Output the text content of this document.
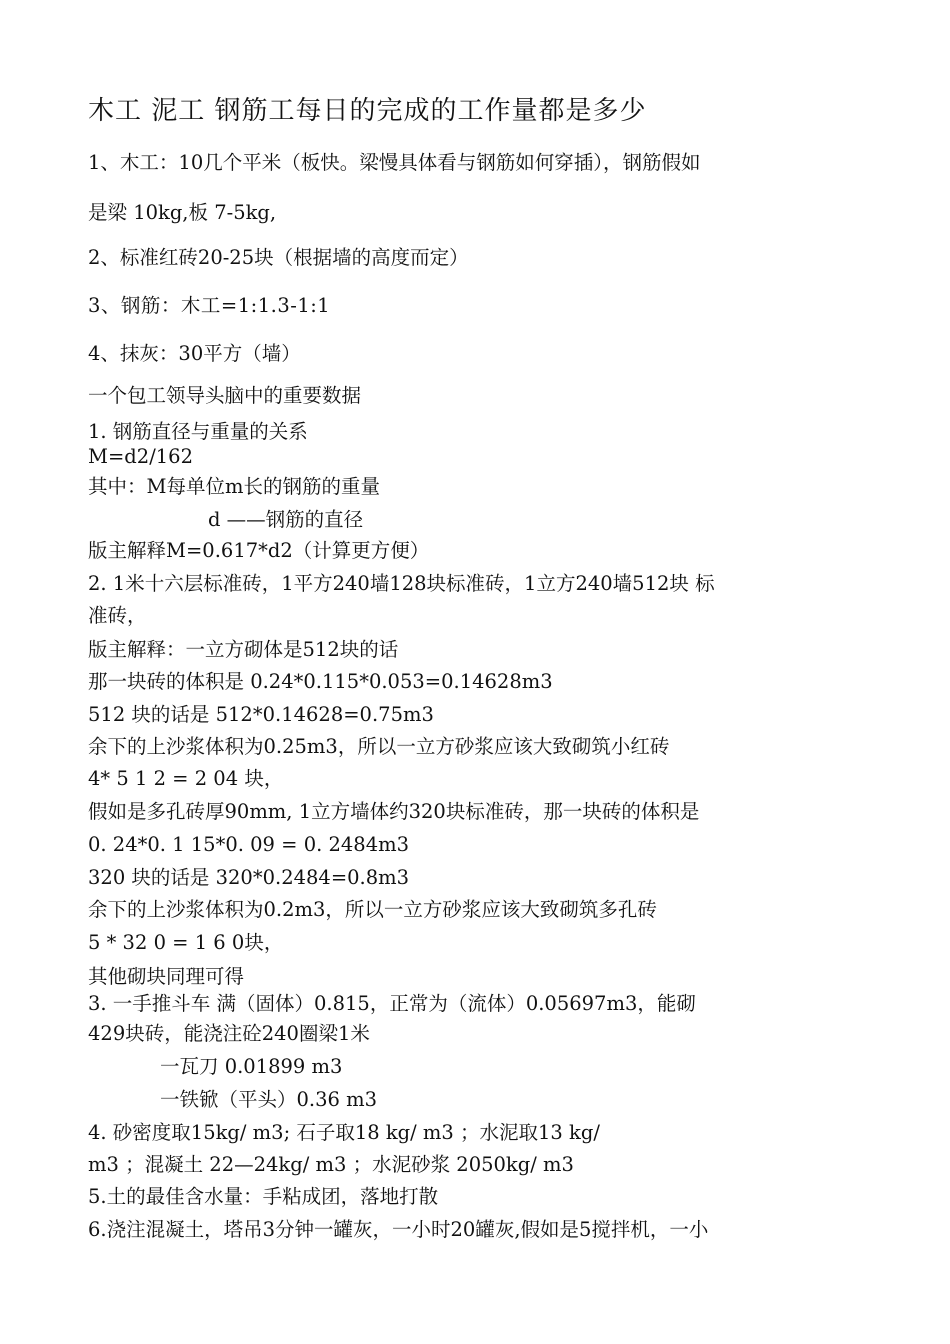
木工 泥工 钢筋工每日的完成的工作量都是多少
1、木工：10几个平米（板快。梁慢具体看与钢筋如何穿插），钢筋假如
是梁 10kg,板 7-5kg,
2、标准红砖20-25块（根据墙的高度而定）
3、钢筋：木工=1:1.3-1:1
4、抹灰：30平方（墙）
一个包工领导头脑中的重要数据
1. 钢筋直径与重量的关系
M=d2/162
其中：M每单位m长的钢筋的重量
d ——钢筋的直径
版主解释M=0.617*d2（计算更方便）
2. 1米十六层标准砖，1平方240墙128块标准砖，1立方240墙512块 标
准砖，
版主解释：一立方砌体是512块的话
那一块砖的体积是 0.24*0.115*0.053=0.14628m3
512 块的话是 512*0.14628=0.75m3
余下的上沙浆体积为0.25m3，所以一立方砂浆应该大致砌筑小红砖
4* 5 1 2 = 2 04 块，
假如是多孔砖厚90mm, 1立方墙体约320块标准砖，那一块砖的体积是
0. 24*0. 1 15*0. 09 = 0. 2484m3
320 块的话是 320*0.2484=0.8m3
余下的上沙浆体积为0.2m3，所以一立方砂浆应该大致砌筑多孔砖
5 * 32 0 = 1 6 0块，
其他砌块同理可得
3. 一手推斗车 满（固体）0.815，正常为（流体）0.05697m3，能砌
429块砖，能浇注砼240圈梁1米
一瓦刀 0.01899 m3
一铁锨（平头）0.36 m3
4. 砂密度取15kg/ m3; 石子取18 kg/ m3 ；水泥取13 kg/
m3 ；混凝土 22—24kg/ m3 ；水泥砂浆 2050kg/ m3
5.土的最佳含水量：手粘成团，落地打散
6.浇注混凝土，塔吊3分钟一罐灰，一小时20罐灰,假如是5搅拌机，一小
